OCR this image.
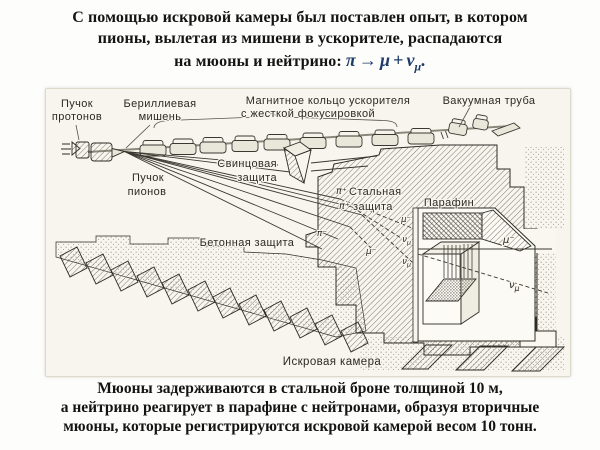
С помощью искровой камеры был поставлен опыт, в котором
пионы, вылетая из мишени в ускорителе, распадаются
на мюоны и нейтрино: $\pi \to \mu + \nu_\mu$.
Пучок
протонов
Бериллиевая
мишень
Магнитное кольцо ускорителя
с жесткой фокусировкой
Вакуумная труба
Свинцовая
защита
Пучок
пионов	π⁺ Стальная
π⁺ защита	Парафин
Бетонная защита
Искровая камера
π⁻
μ⁻
μ⁻
$\nu_\mu$
$\nu_\mu$
μ⁻
$\nu_\mu$
Мюоны задерживаются в стальной броне толщиной 10 м,
а нейтрино реагирует в парафине с нейтронами, образуя вторичные
мюоны, которые регистрируются искровой камерой весом 10 тонн.
